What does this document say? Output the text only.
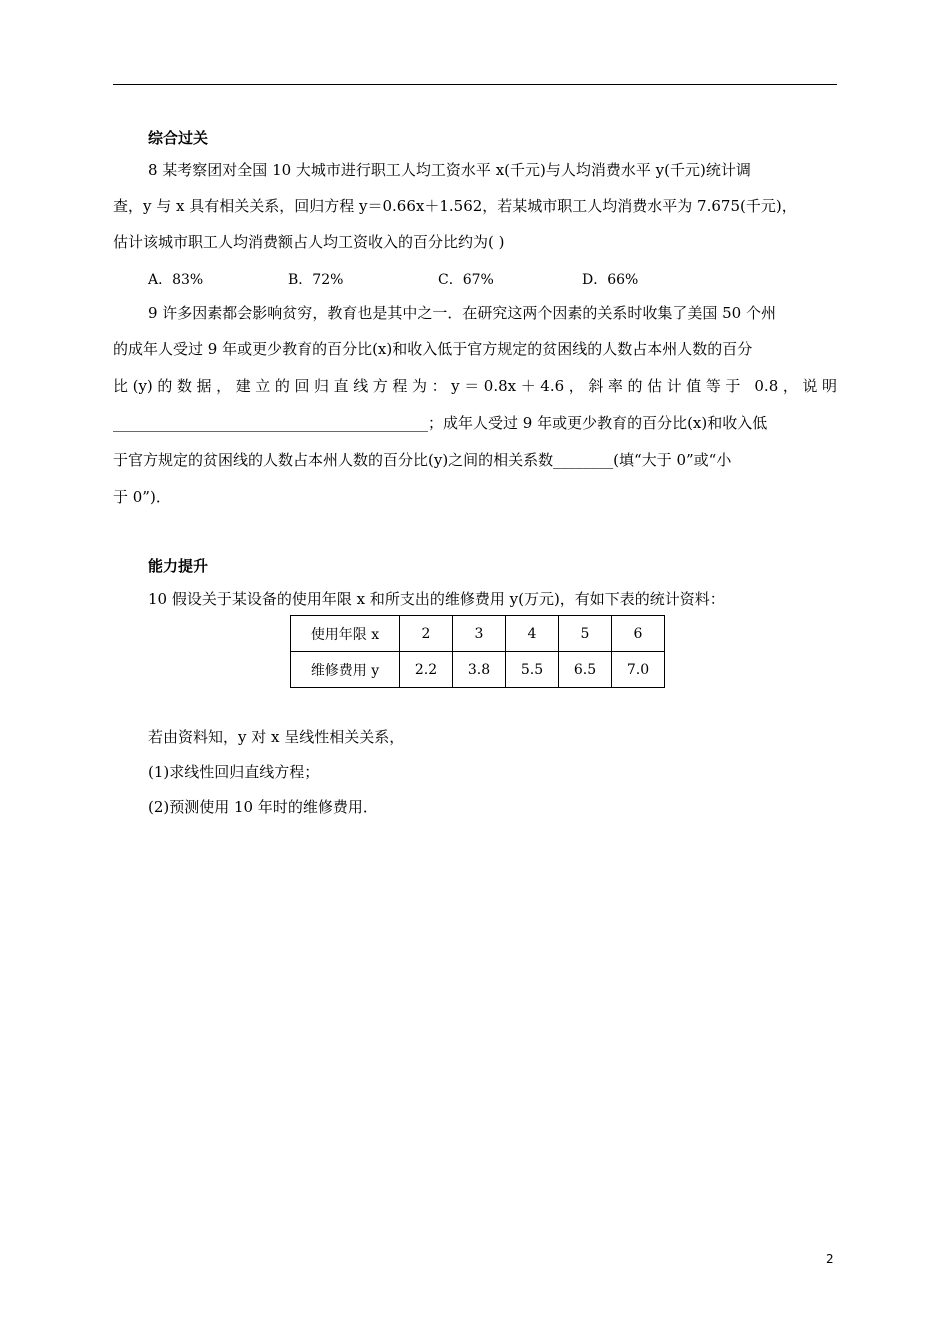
综合过关
8 某考察团对全国 10 大城市进行职工人均工资水平 x(千元)与人均消费水平 y(千元)统计调
查，y 与 x 具有相关关系，回归方程 y＝0.66x＋1.562，若某城市职工人均消费水平为 7.675(千元)，
估计该城市职工人均消费额占人均工资收入的百分比约为( )
A．83%	B．72%	C．67%	D．66%
9 许多因素都会影响贫穷，教育也是其中之一．在研究这两个因素的关系时收集了美国 50 个州
的成年人受过 9 年或更少教育的百分比(x)和收入低于官方规定的贫困线的人数占本州人数的百分
比(y)的数据，建立的回归直线方程为：y＝0.8x＋4.6，斜率的估计值等于 0.8，说明
__________________________________________；成年人受过 9 年或更少教育的百分比(x)和收入低
于官方规定的贫困线的人数占本州人数的百分比(y)之间的相关系数________(填“大于 0”或“小
于 0”)．
能力提升
10 假设关于某设备的使用年限 x 和所支出的维修费用 y(万元)，有如下表的统计资料：
使用年限 x	2	3	4	5	6
维修费用 y	2.2	3.8	5.5	6.5	7.0
若由资料知，y 对 x 呈线性相关关系，
(1)求线性回归直线方程；
(2)预测使用 10 年时的维修费用．
2
